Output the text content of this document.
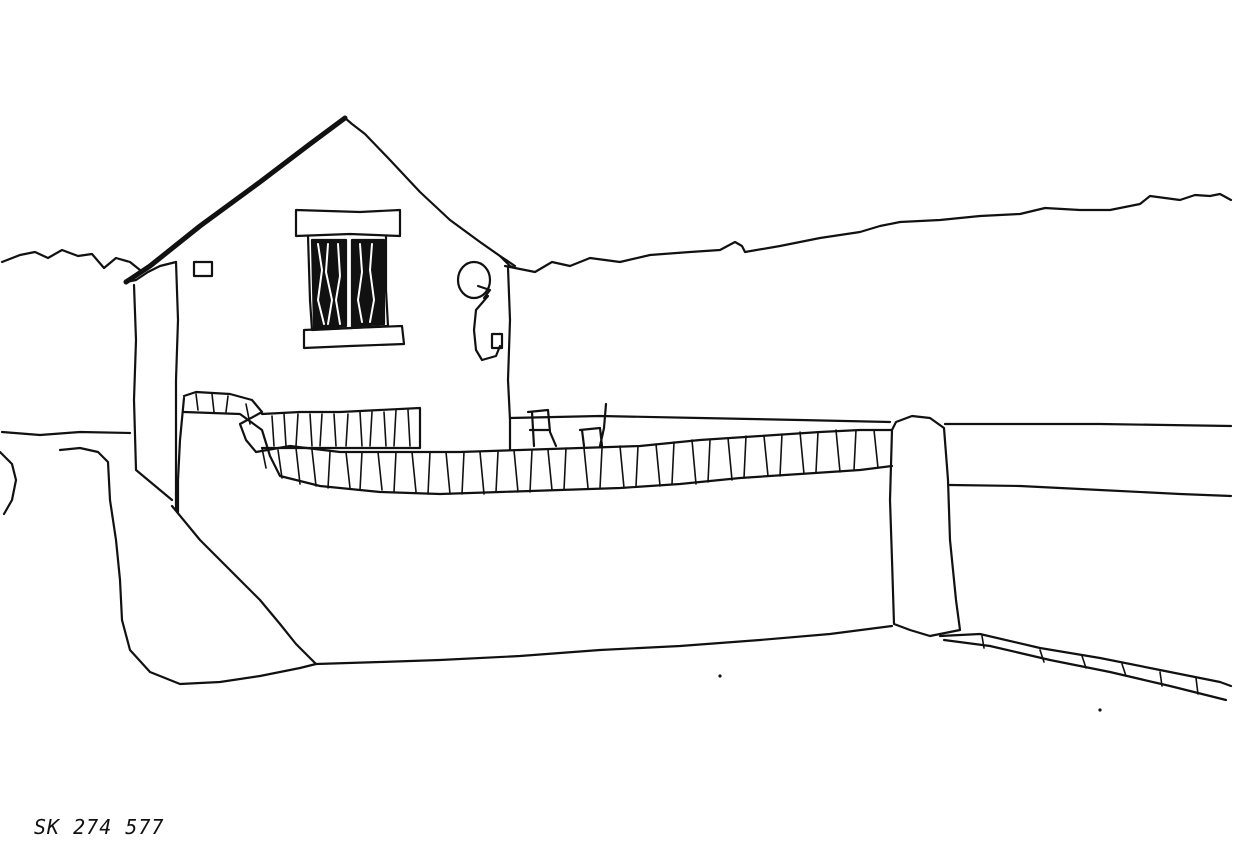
SK 274 577
